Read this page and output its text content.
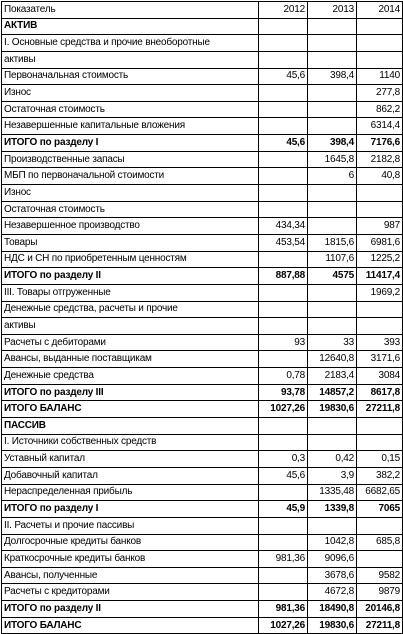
Показатель	2012	2013	2014
АКТИВ			
I. Основные средства и прочие внеоборотные			
активы			
Первоначальная стоимость	45,6	398,4	1140
Износ			277,8
Остаточная стоимость			862,2
Незавершенные капитальные вложения			6314,4
ИТОГО по разделу I	45,6	398,4	7176,6
Производственные запасы		1645,8	2182,8
МБП по первоначальной стоимости		6	40,8
Износ			
Остаточная стоимость			
Незавершенное производство	434,34		987
Товары	453,54	1815,6	6981,6
НДС и СН по приобретенным ценностям		1107,6	1225,2
ИТОГО по разделу II	887,88	4575	11417,4
III. Товары отгруженные			1969,2
Денежные средства, расчеты и прочие			
активы			
Расчеты с дебиторами	93	33	393
Авансы, выданные поставщикам		12640,8	3171,6
Денежные средства	0,78	2183,4	3084
ИТОГО по разделу III	93,78	14857,2	8617,8
ИТОГО БАЛАНС	1027,26	19830,6	27211,8
ПАССИВ			
I. Источники собственных средств			
Уставный капитал	0,3	0,42	0,15
Добавочный капитал	45,6	3,9	382,2
Нераспределенная прибыль		1335,48	6682,65
ИТОГО по разделу I	45,9	1339,8	7065
II. Расчеты и прочие пассивы			
Долгосрочные кредиты банков		1042,8	685,8
Краткосрочные кредиты банков	981,36	9096,6	
Авансы, полученные		3678,6	9582
Расчеты с кредиторами		4672,8	9879
ИТОГО по разделу II	981,36	18490,8	20146,8
ИТОГО БАЛАНС	1027,26	19830,6	27211,8
